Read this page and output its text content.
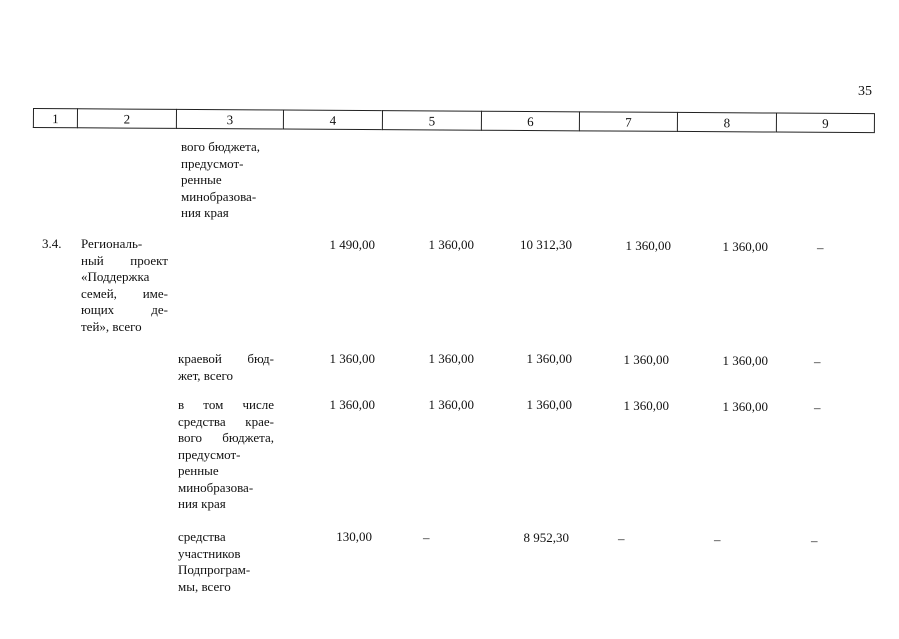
35
1	2	3	4	5	6	7	8	9
вого бюджета,
предусмот-
ренные
минобразова-
ния края
3.4. Региональ-
ный проект
«Поддержка
семей, име-
ющих де-
тей», всего
1 490,00	1 360,00	10 312,30	1 360,00	1 360,00	–
краевой бюд-
жет, всего
1 360,00	1 360,00	1 360,00	1 360,00	1 360,00	–
в том числе
средства крае-
вого бюджета,
предусмот-
ренные
минобразова-
ния края
1 360,00	1 360,00	1 360,00	1 360,00	1 360,00	–
средства
участников
Подпрограм-
мы, всего
130,00	–	8 952,30	–	–	–
